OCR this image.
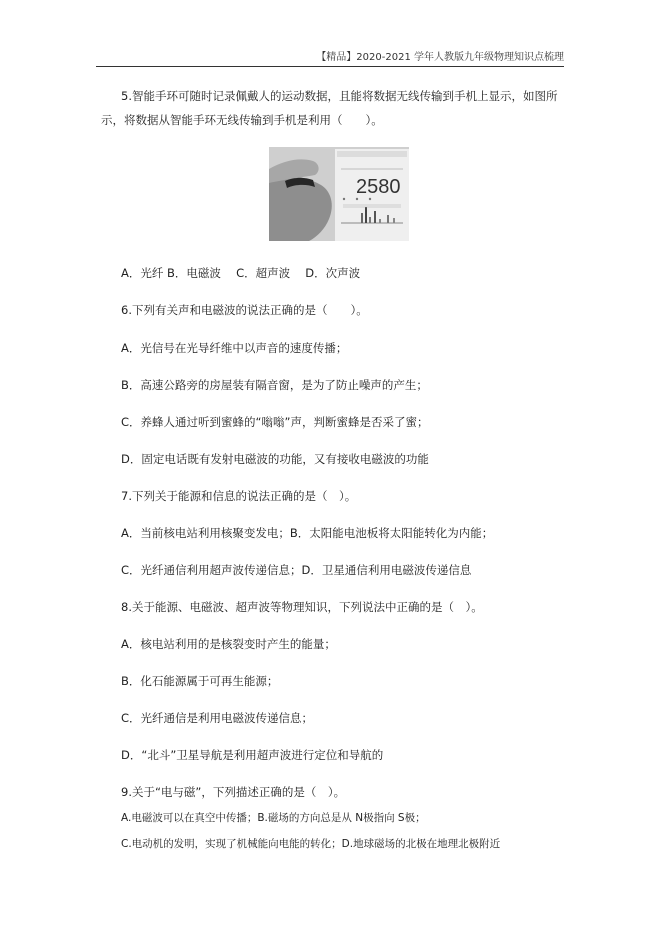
【精品】2020-2021 学年人教版九年级物理知识点梳理
5.智能手环可随时记录佩戴人的运动数据，且能将数据无线传输到手机上显示，如图所
示，将数据从智能手环无线传输到手机是利用（　　）。
2580
A．光纤 B．电磁波　 C．超声波　 D．次声波
6.下列有关声和电磁波的说法正确的是（　　）。
A．光信号在光导纤维中以声音的速度传播；
B．高速公路旁的房屋装有隔音窗，是为了防止噪声的产生；
C．养蜂人通过听到蜜蜂的“嗡嗡”声，判断蜜蜂是否采了蜜；
D．固定电话既有发射电磁波的功能，又有接收电磁波的功能
7.下列关于能源和信息的说法正确的是（　）。
A．当前核电站利用核聚变发电；B．太阳能电池板将太阳能转化为内能；
C．光纤通信利用超声波传递信息；D．卫星通信利用电磁波传递信息
8.关于能源、电磁波、超声波等物理知识，下列说法中正确的是（　）。
A．核电站利用的是核裂变时产生的能量；
B．化石能源属于可再生能源；
C．光纤通信是利用电磁波传递信息；
D．“北斗”卫星导航是利用超声波进行定位和导航的
9.关于“电与磁”，下列描述正确的是（　）。
A.电磁波可以在真空中传播；B.磁场的方向总是从 N极指向 S极；
C.电动机的发明，实现了机械能向电能的转化；D.地球磁场的北极在地理北极附近
